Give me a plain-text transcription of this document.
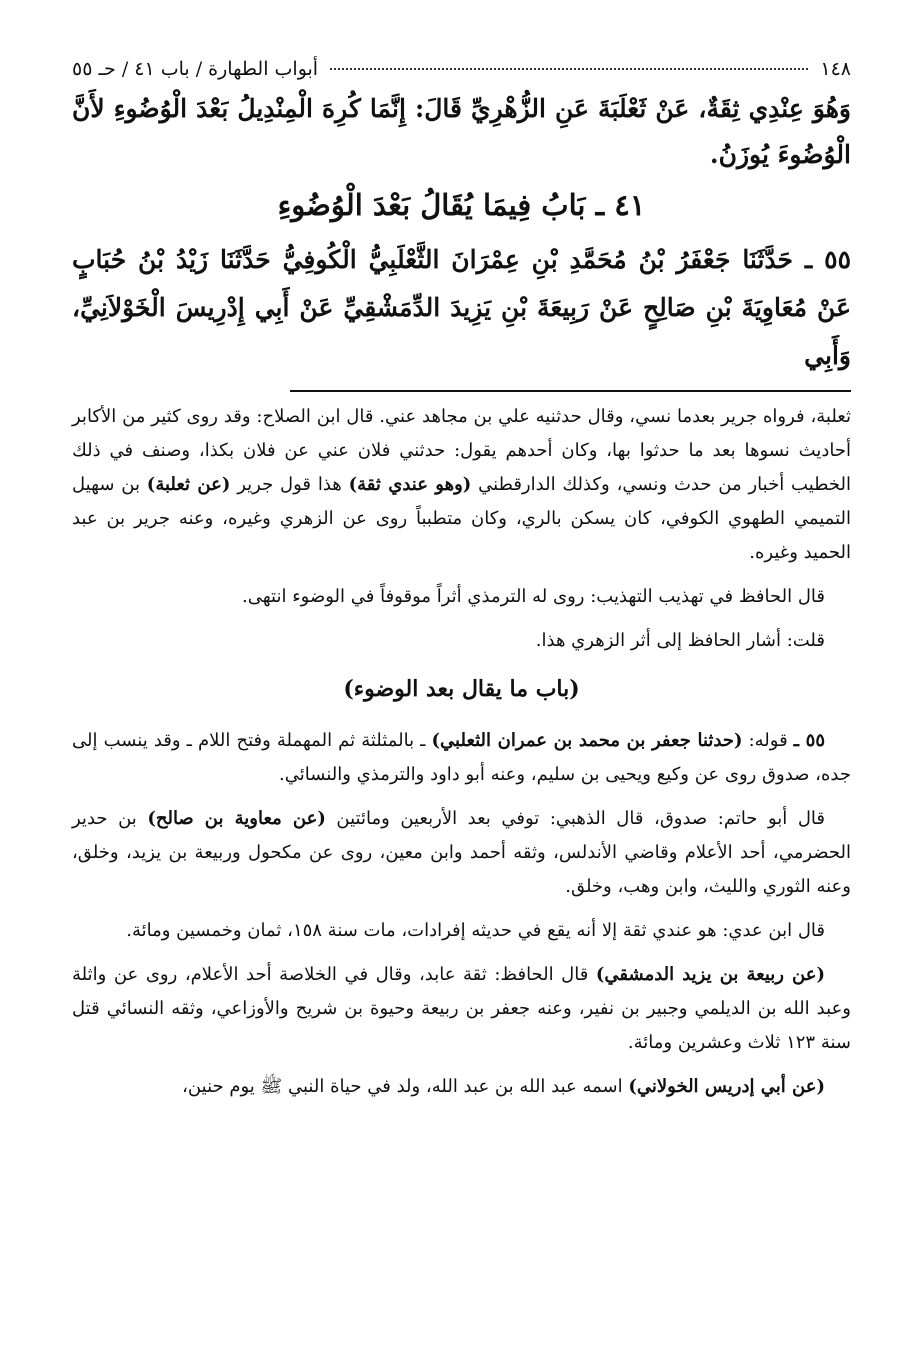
١٤٨
أبواب الطهارة / باب ٤١ / حـ ٥٥
وَهُوَ عِنْدِي ثِقَةٌ، عَنْ ثَعْلَبَةَ عَنِ الزُّهْرِيِّ قَالَ: إِنَّمَا كُرِهَ الْمِنْدِيلُ بَعْدَ الْوُضُوءِ لأَنَّ الْوُضُوءَ يُوزَنُ.
٤١ ـ بَابُ فِيمَا يُقَالُ بَعْدَ الْوُضُوءِ
٥٥ ـ حَدَّثَنَا جَعْفَرُ بْنُ مُحَمَّدِ بْنِ عِمْرَانَ الثَّعْلَبِيُّ الْكُوفِيُّ حَدَّثَنَا زَيْدُ بْنُ حُبَابٍ عَنْ مُعَاوِيَةَ بْنِ صَالِحٍ عَنْ رَبِيعَةَ بْنِ يَزِيدَ الدِّمَشْقِيِّ عَنْ أَبِي إِدْرِيسَ الْخَوْلاَنِيِّ، وَأَبِي

ثعلبة، فرواه جرير بعدما نسي، وقال حدثنيه علي بن مجاهد عني. قال ابن الصلاح: وقد روى كثير من الأكابر أحاديث نسوها بعد ما حدثوا بها، وكان أحدهم يقول: حدثني فلان عني عن فلان بكذا، وصنف في ذلك الخطيب أخبار من حدث ونسي، وكذلك الدارقطني (وهو عندي ثقة) هذا قول جرير (عن ثعلبة) بن سهيل التميمي الطهوي الكوفي، كان يسكن بالري، وكان متطبباً روى عن الزهري وغيره، وعنه جرير بن عبد الحميد وغيره.

قال الحافظ في تهذيب التهذيب: روى له الترمذي أثراً موقوفاً في الوضوء انتهى.

قلت: أشار الحافظ إلى أثر الزهري هذا.

(باب ما يقال بعد الوضوء)

٥٥ ـ قوله: (حدثنا جعفر بن محمد بن عمران الثعلبي) ـ بالمثلثة ثم المهملة وفتح اللام ـ وقد ينسب إلى جده، صدوق روى عن وكيع ويحيى بن سليم، وعنه أبو داود والترمذي والنسائي.

قال أبو حاتم: صدوق، قال الذهبي: توفي بعد الأربعين ومائتين (عن معاوية بن صالح) بن حدير الحضرمي، أحد الأعلام وقاضي الأندلس، وثقه أحمد وابن معين، روى عن مكحول وربيعة بن يزيد، وخلق، وعنه الثوري والليث، وابن وهب، وخلق.

قال ابن عدي: هو عندي ثقة إلا أنه يقع في حديثه إفرادات، مات سنة ١٥٨، ثمان وخمسين ومائة.

(عن ربيعة بن يزيد الدمشقي) قال الحافظ: ثقة عابد، وقال في الخلاصة أحد الأعلام، روى عن واثلة وعبد الله بن الديلمي وجبير بن نفير، وعنه جعفر بن ربيعة وحيوة بن شريح والأوزاعي، وثقه النسائي قتل سنة ١٢٣ ثلاث وعشرين ومائة.

(عن أبي إدريس الخولاني) اسمه عبد الله بن عبد الله، ولد في حياة النبي ﷺ يوم حنين،
